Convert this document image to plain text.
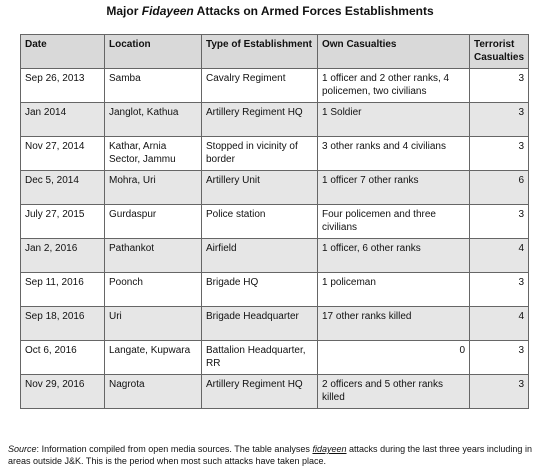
Major Fidayeen Attacks on Armed Forces Establishments
Date	Location	Type of Establishment	Own Casualties	Terrorist Casualties
Sep 26, 2013	Samba	Cavalry Regiment	1 officer and 2 other ranks, 4 policemen, two civilians	3
Jan 2014	Janglot, Kathua	Artillery Regiment HQ	1 Soldier	3
Nov 27, 2014	Kathar, Arnia Sector, Jammu	Stopped in vicinity of border	3 other ranks and 4 civilians	3
Dec 5, 2014	Mohra, Uri	Artillery Unit	1 officer 7 other ranks	6
July 27, 2015	Gurdaspur	Police station	Four policemen and three civilians	3
Jan 2, 2016	Pathankot	Airfield	1 officer, 6 other ranks	4
Sep 11, 2016	Poonch	Brigade HQ	1 policeman	3
Sep 18, 2016	Uri	Brigade Headquarter	17 other ranks killed	4
Oct 6, 2016	Langate, Kupwara	Battalion Headquarter, RR	0	3
Nov 29, 2016	Nagrota	Artillery Regiment HQ	2 officers and 5 other ranks killed	3
Source: Information compiled from open media sources. The table analyses fidayeen attacks during the last three years including in areas outside J&K. This is the period when most such attacks have taken place.
